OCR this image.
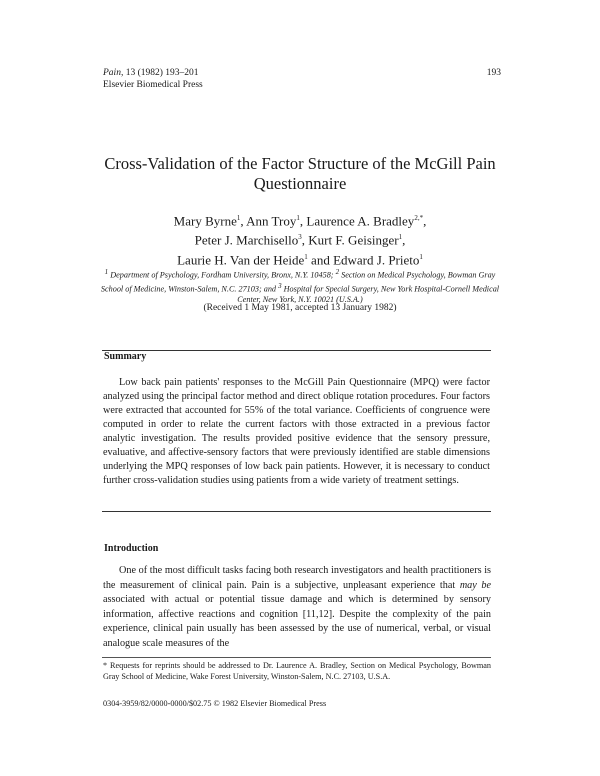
Pain, 13 (1982) 193–201
Elsevier Biomedical Press
193
Cross-Validation of the Factor Structure of the McGill Pain Questionnaire
Mary Byrne$^1$, Ann Troy$^1$, Laurence A. Bradley$^{2,*}$,
Peter J. Marchisello$^3$, Kurt F. Geisinger$^1$,
Laurie H. Van der Heide$^1$ and Edward J. Prieto$^1$
$^1$ Department of Psychology, Fordham University, Bronx, N.Y. 10458; $^2$ Section on Medical Psychology, Bowman Gray School of Medicine, Winston-Salem, N.C. 27103; and $^3$ Hospital for Special Surgery, New York Hospital-Cornell Medical Center, New York, N.Y. 10021 (U.S.A.)
(Received 1 May 1981, accepted 13 January 1982)
Summary
Low back pain patients' responses to the McGill Pain Questionnaire (MPQ) were factor analyzed using the principal factor method and direct oblique rotation procedures. Four factors were extracted that accounted for 55% of the total variance. Coefficients of congruence were computed in order to relate the current factors with those extracted in a previous factor analytic investigation. The results provided positive evidence that the sensory pressure, evaluative, and affective-sensory factors that were previously identified are stable dimensions underlying the MPQ responses of low back pain patients. However, it is necessary to conduct further cross-validation studies using patients from a wide variety of treatment settings.
Introduction
One of the most difficult tasks facing both research investigators and health practitioners is the measurement of clinical pain. Pain is a subjective, unpleasant experience that may be associated with actual or potential tissue damage and which is determined by sensory information, affective reactions and cognition [11,12]. Despite the complexity of the pain experience, clinical pain usually has been assessed by the use of numerical, verbal, or visual analogue scale measures of the
* Requests for reprints should be addressed to Dr. Laurence A. Bradley, Section on Medical Psychology, Bowman Gray School of Medicine, Wake Forest University, Winston-Salem, N.C. 27103, U.S.A.
0304-3959/82/0000-0000/$02.75 © 1982 Elsevier Biomedical Press
